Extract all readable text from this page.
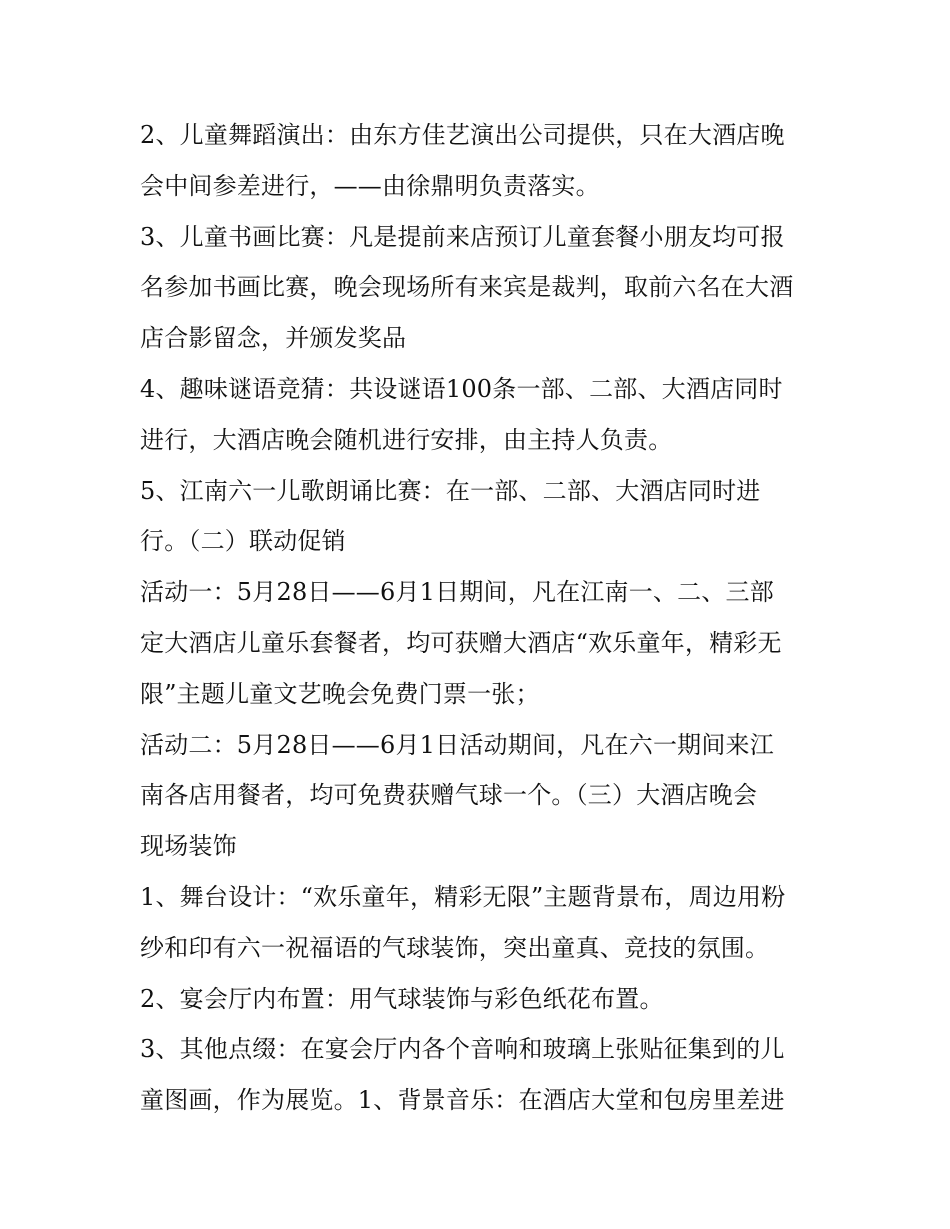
2、儿童舞蹈演出：由东方佳艺演出公司提供，只在大酒店晚
会中间参差进行，——由徐鼎明负责落实。
3、儿童书画比赛：凡是提前来店预订儿童套餐小朋友均可报
名参加书画比赛，晚会现场所有来宾是裁判，取前六名在大酒
店合影留念，并颁发奖品
4、趣味谜语竞猜：共设谜语100条一部、二部、大酒店同时
进行，大酒店晚会随机进行安排，由主持人负责。
5、江南六一儿歌朗诵比赛：在一部、二部、大酒店同时进
行。（二）联动促销
活动一：5月28日——6月1日期间，凡在江南一、二、三部
定大酒店儿童乐套餐者，均可获赠大酒店“欢乐童年，精彩无
限”主题儿童文艺晚会免费门票一张；
活动二：5月28日——6月1日活动期间，凡在六一期间来江
南各店用餐者，均可免费获赠气球一个。（三）大酒店晚会
现场装饰
1、舞台设计：“欢乐童年，精彩无限”主题背景布，周边用粉
纱和印有六一祝福语的气球装饰，突出童真、竞技的氛围。
2、宴会厅内布置：用气球装饰与彩色纸花布置。
3、其他点缀：在宴会厅内各个音响和玻璃上张贴征集到的儿
童图画，作为展览。1、背景音乐：在酒店大堂和包房里差进
